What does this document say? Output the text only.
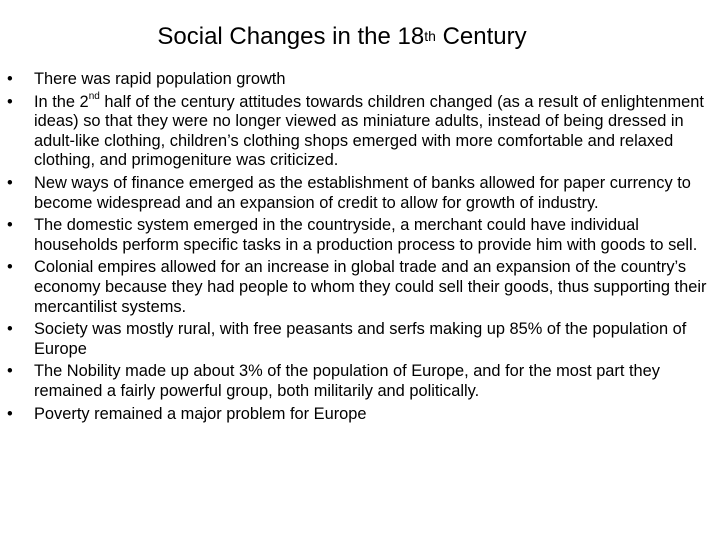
Social Changes in the 18th Century
•	There was rapid population growth
•	In the 2nd half of the century attitudes towards children changed (as a result of enlightenment ideas) so that they were no longer viewed as miniature adults, instead of being dressed in adult-like clothing, children’s clothing shops emerged with more comfortable and relaxed clothing, and primogeniture was criticized.
•	New ways of finance emerged as the establishment of banks allowed for paper currency to become widespread and an expansion of credit to allow for growth of industry.
•	The domestic system emerged in the countryside, a merchant could have individual households perform specific tasks in a production process to provide him with goods to sell.
•	Colonial empires allowed for an increase in global trade and an expansion of the country’s economy because they had people to whom they could sell their goods, thus supporting their mercantilist systems.
•	Society was mostly rural, with free peasants and serfs making up 85% of the population of Europe
•	The Nobility made up about 3% of the population of Europe, and for the most part they remained a fairly powerful group, both militarily and politically.
•	Poverty remained a major problem for Europe
